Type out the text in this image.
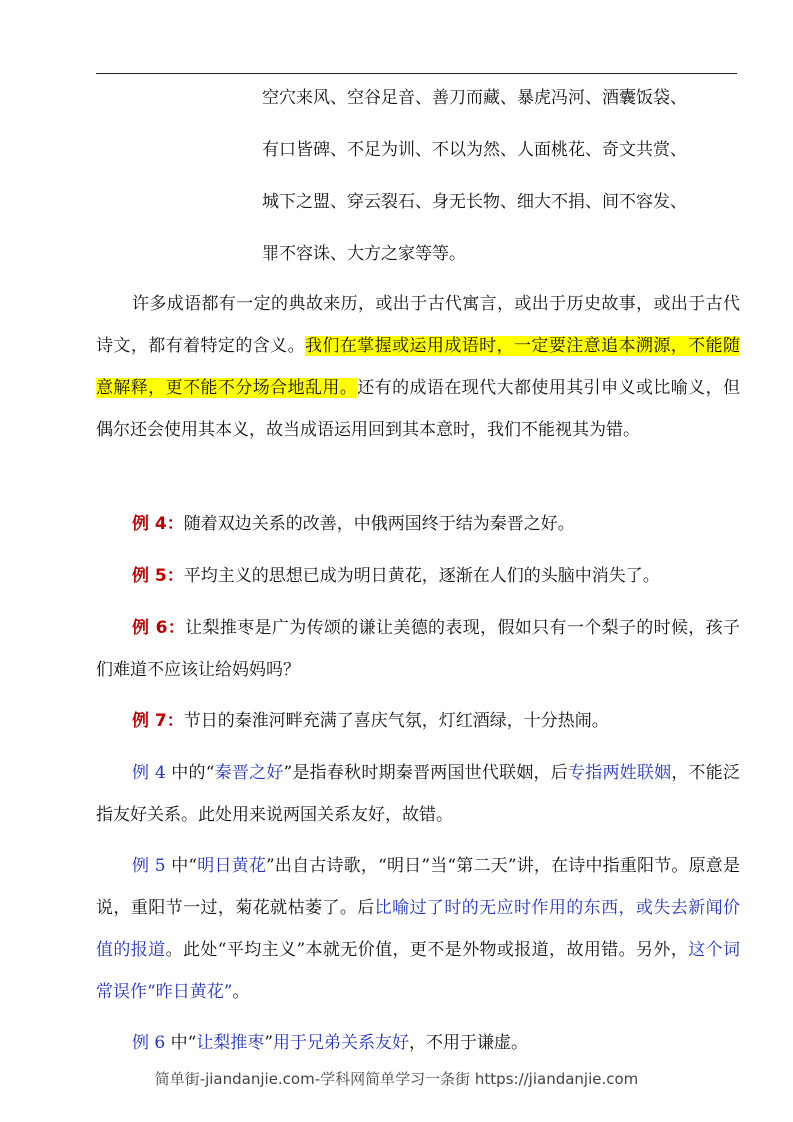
空穴来风、空谷足音、善刀而藏、暴虎冯河、酒囊饭袋、
有口皆碑、不足为训、不以为然、人面桃花、奇文共赏、
城下之盟、穿云裂石、身无长物、细大不捐、间不容发、
罪不容诛、大方之家等等。
许多成语都有一定的典故来历，或出于古代寓言，或出于历史故事，或出于古代诗文，都有着特定的含义。我们在掌握或运用成语时，一定要注意追本溯源，不能随意解释，更不能不分场合地乱用。还有的成语在现代大都使用其引申义或比喻义，但偶尔还会使用其本义，故当成语运用回到其本意时，我们不能视其为错。
例 4：随着双边关系的改善，中俄两国终于结为秦晋之好。
例 5：平均主义的思想已成为明日黄花，逐渐在人们的头脑中消失了。
例 6：让梨推枣是广为传颂的谦让美德的表现，假如只有一个梨子的时候，孩子们难道不应该让给妈妈吗？
例 7：节日的秦淮河畔充满了喜庆气氛，灯红酒绿，十分热闹。
例 4 中的“秦晋之好”是指春秋时期秦晋两国世代联姻，后专指两姓联姻，不能泛指友好关系。此处用来说两国关系友好，故错。
例 5 中“明日黄花”出自古诗歌，“明日”当“第二天”讲，在诗中指重阳节。原意是说，重阳节一过，菊花就枯萎了。后比喻过了时的无应时作用的东西，或失去新闻价值的报道。此处“平均主义”本就无价值，更不是外物或报道，故用错。另外，这个词常误作“昨日黄花”。
例 6 中“让梨推枣”用于兄弟关系友好，不用于谦虚。
简单街-jiandanjie.com-学科网简单学习一条街 https://jiandanjie.com
